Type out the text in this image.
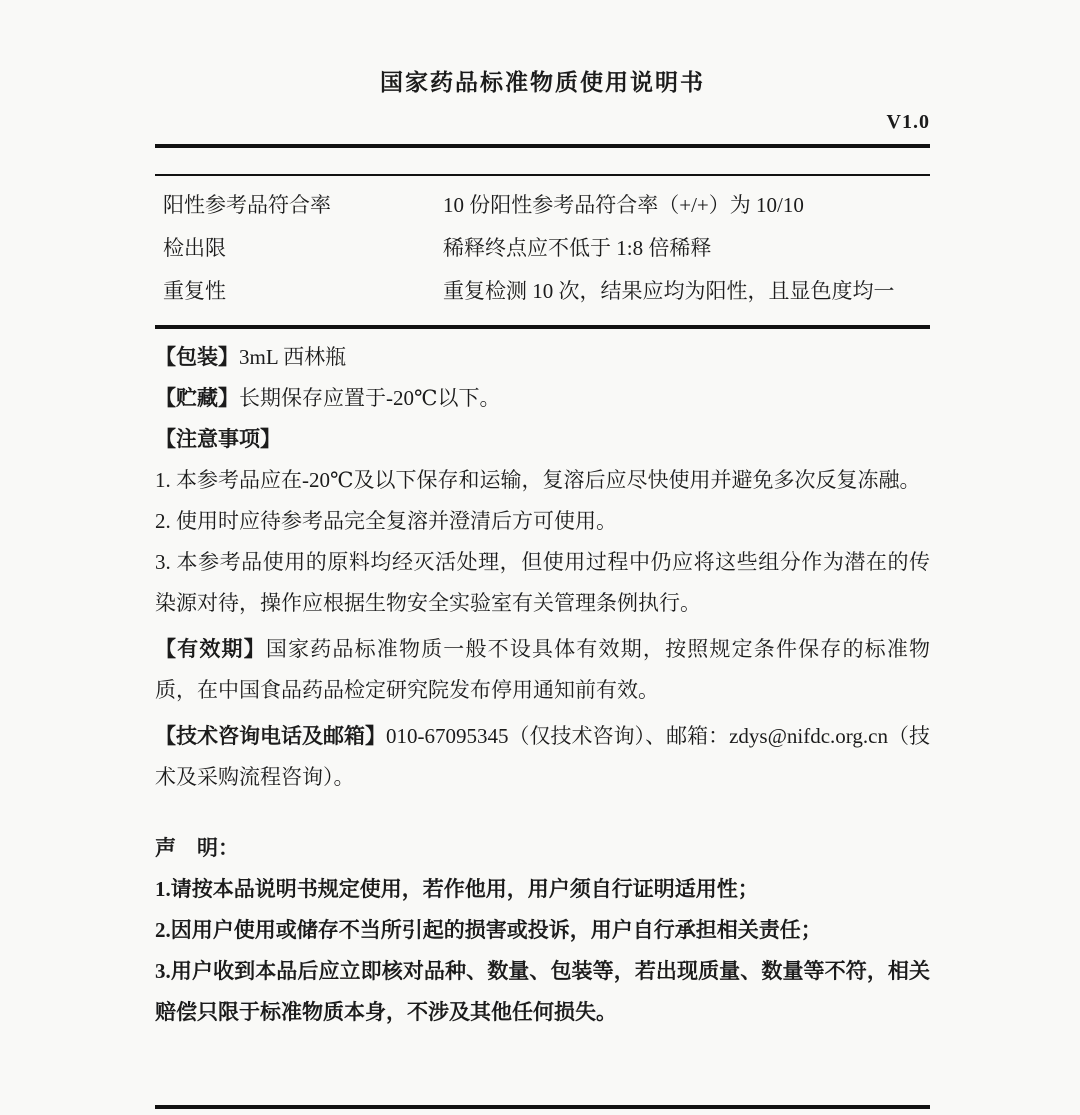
国家药品标准物质使用说明书
V1.0
阳性参考品符合率	10 份阳性参考品符合率（+/+）为 10/10
检出限	稀释终点应不低于 1:8 倍稀释
重复性	重复检测 10 次，结果应均为阳性，且显色度均一

【包装】3mL 西林瓶

【贮藏】长期保存应置于-20℃以下。

【注意事项】

1. 本参考品应在-20℃及以下保存和运输，复溶后应尽快使用并避免多次反复冻融。

2. 使用时应待参考品完全复溶并澄清后方可使用。

3. 本参考品使用的原料均经灭活处理，但使用过程中仍应将这些组分作为潜在的传染源对待，操作应根据生物安全实验室有关管理条例执行。

【有效期】国家药品标准物质一般不设具体有效期，按照规定条件保存的标准物质，在中国食品药品检定研究院发布停用通知前有效。

【技术咨询电话及邮箱】010-67095345（仅技术咨询）、邮箱：zdys@nifdc.org.cn（技术及采购流程咨询）。

声　明：

1.请按本品说明书规定使用，若作他用，用户须自行证明适用性；

2.因用户使用或储存不当所引起的损害或投诉，用户自行承担相关责任；

3.用户收到本品后应立即核对品种、数量、包装等，若出现质量、数量等不符，相关赔偿只限于标准物质本身，不涉及其他任何损失。
